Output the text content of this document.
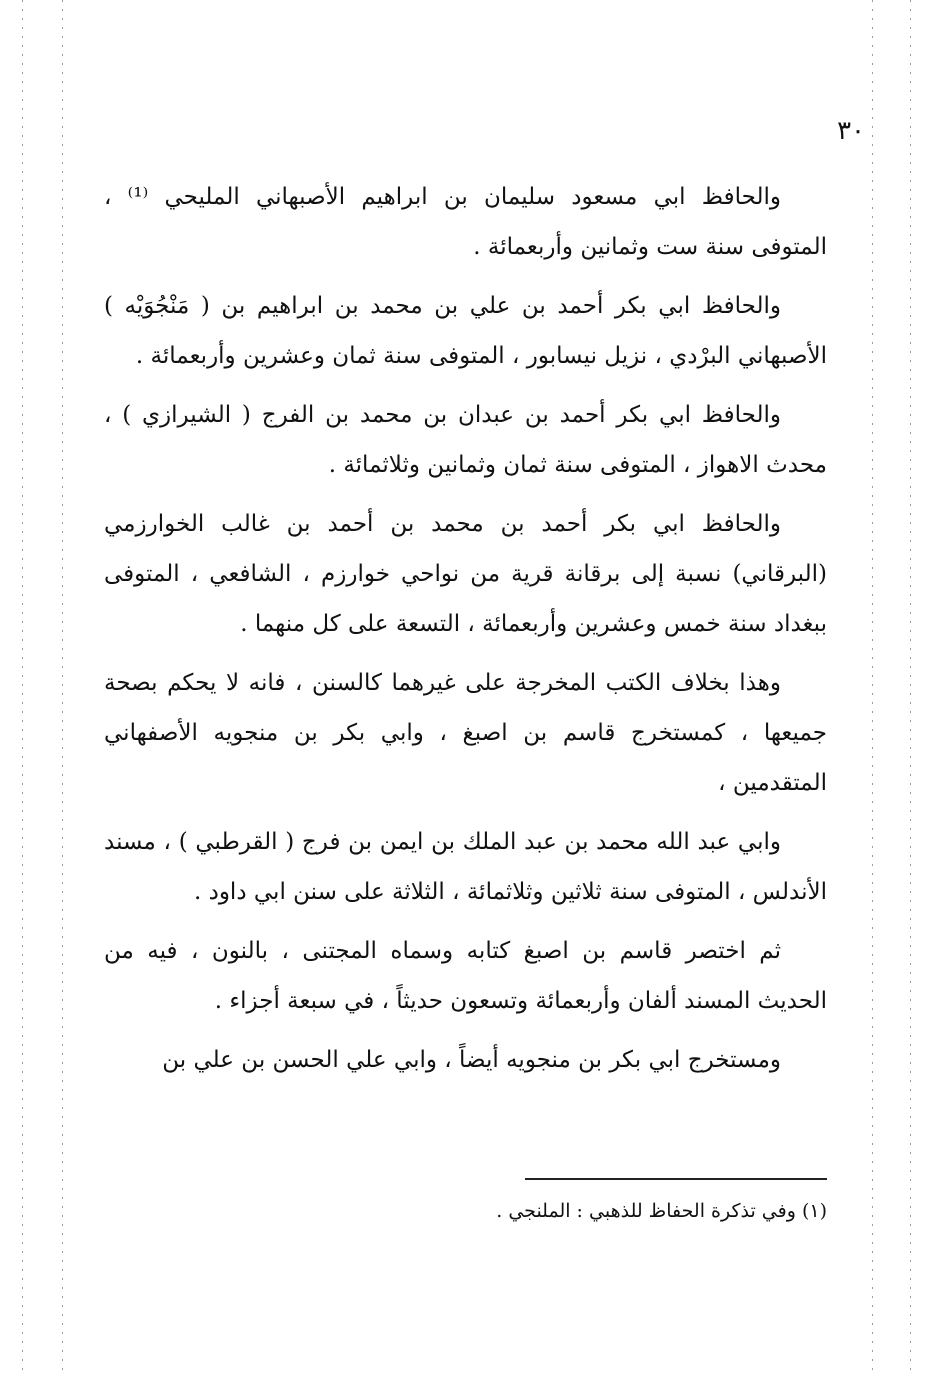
٣٠

والحافظ ابي مسعود سليمان بن ابراهيم الأصبهاني المليحي ⁽¹⁾ ، المتوفى سنة ست وثمانين وأربعمائة .

والحافظ ابي بكر أحمد بن علي بن محمد بن ابراهيم بن ( مَنْجُوَيْه ) الأصبهاني البرْدي ، نزيل نيسابور ، المتوفى سنة ثمان وعشرين وأربعمائة .

والحافظ ابي بكر أحمد بن عبدان بن محمد بن الفرج ( الشيرازي ) ، محدث الاهواز ، المتوفى سنة ثمان وثمانين وثلاثمائة .

والحافظ ابي بكر أحمد بن محمد بن أحمد بن غالب الخوارزمي (البرقاني) نسبة إلى برقانة قرية من نواحي خوارزم ، الشافعي ، المتوفى ببغداد سنة خمس وعشرين وأربعمائة ، التسعة على كل منهما .

وهذا بخلاف الكتب المخرجة على غيرهما كالسنن ، فانه لا يحكم بصحة جميعها ، كمستخرج قاسم بن اصبغ ، وابي بكر بن منجويه الأصفهاني المتقدمين ،

وابي عبد الله محمد بن عبد الملك بن ايمن بن فرج ( القرطبي ) ، مسند الأندلس ، المتوفى سنة ثلاثين وثلاثمائة ، الثلاثة على سنن ابي داود .

ثم اختصر قاسم بن اصبغ كتابه وسماه المجتنى ، بالنون ، فيه من الحديث المسند ألفان وأربعمائة وتسعون حديثاً ، في سبعة أجزاء .

ومستخرج ابي بكر بن منجويه أيضاً ، وابي علي الحسن بن علي بن

(١) وفي تذكرة الحفاظ للذهبي : الملنجي .
